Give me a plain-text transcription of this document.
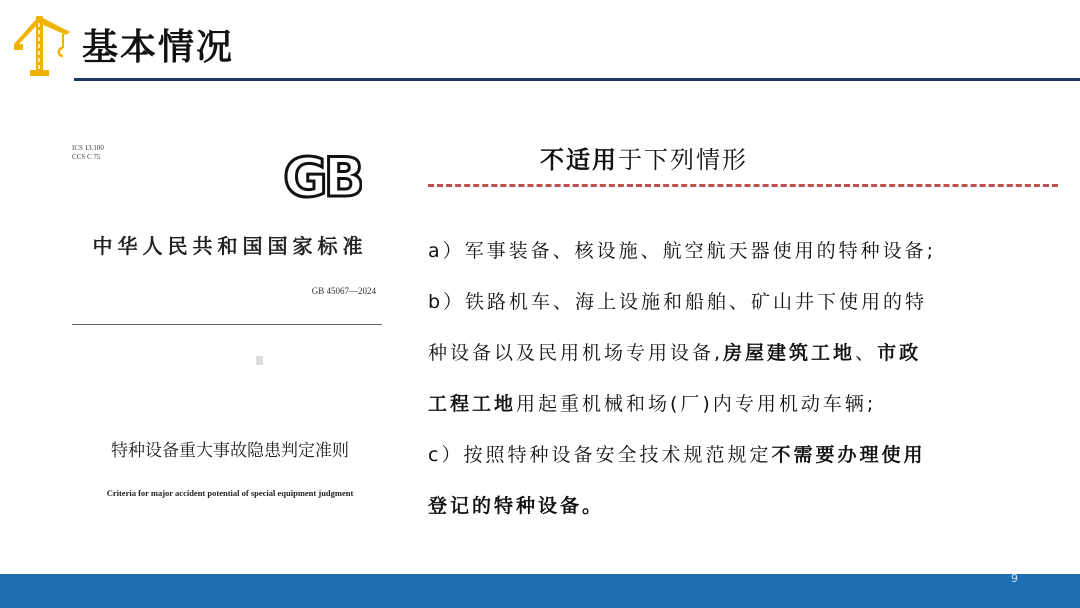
基本情况
ICS 13.100
CCS C 75	GB
中华人民共和国国家标准
GB 45067—2024
特种设备重大事故隐患判定准则
Criteria for major accident potential of special equipment judgment
不适用于下列情形

a）军事装备、核设施、航空航天器使用的特种设备;

b）铁路机车、海上设施和船舶、矿山井下使用的特

种设备以及民用机场专用设备,房屋建筑工地、市政

工程工地用起重机械和场(厂)内专用机动车辆;

c）按照特种设备安全技术规范规定不需要办理使用

登记的特种设备。

9
